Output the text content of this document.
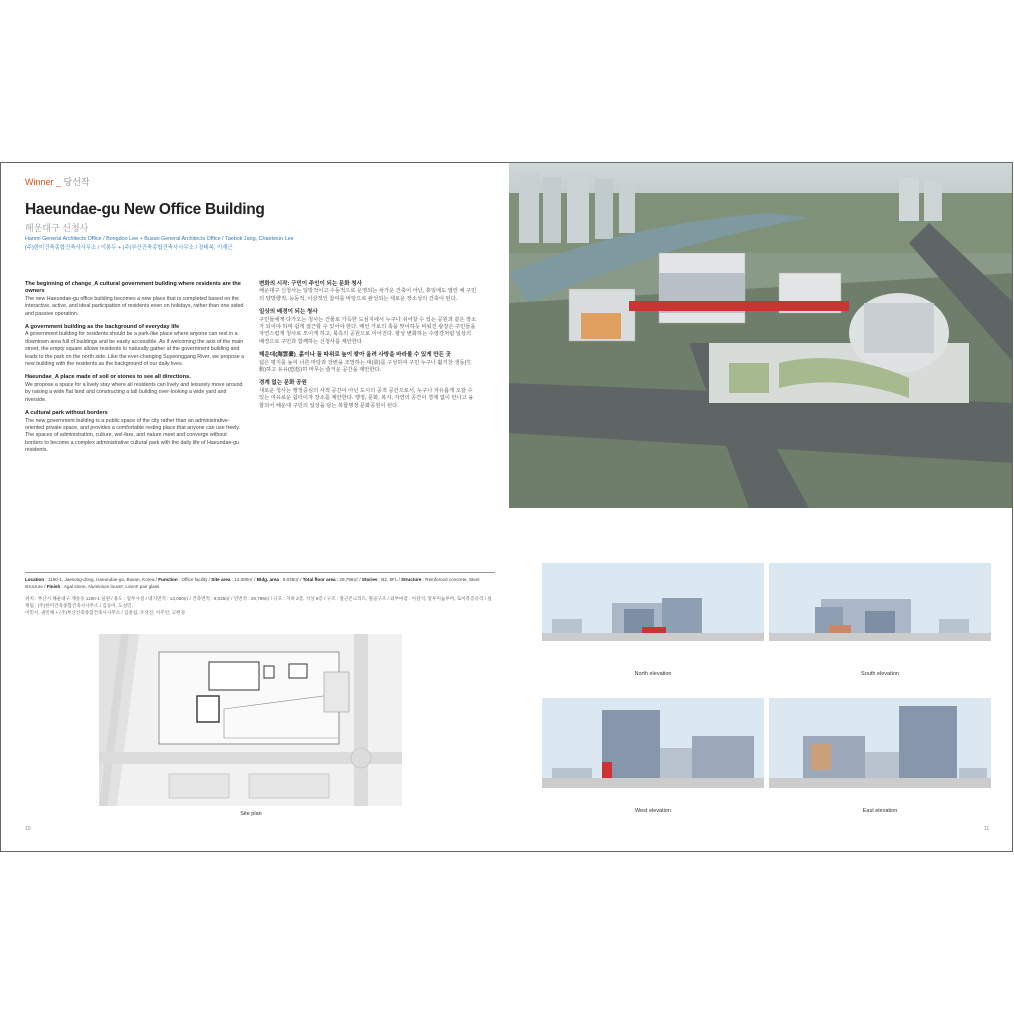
Winner _ 당선작
Haeundae-gu New Office Building
해운대구 신청사
Hanmi General Architects Office / Bongdoo Lee + Busan General Architects Office / Taebok Jang, Chaekeun Lee
(주)한미건축종합건축사사무소 / 이봉두 + (주)부산건축종합건축사사무소 / 장태복, 이재근
The beginning of change_A cultural government building where residents are the owners

The new Haeundae-gu office building becomes a new place that is completed based on the interactive, active, and ideal participation of residents even on holidays, rather than one sided and passive operation.

A government building as the background of everyday life

A government building for residents should be a park-like place where anyone can rest in a downtown area full of buildings and be easily accessible. As if welcoming the axis of the main street, the empty square allows residents to naturally gather at the government building and leads to the park on the north side. Like the ever-changing Suyeonggang River, we propose a new building with the residents as the background of our daily lives.

Haeundae_A place made of soil or stones to see all directions.

We propose a space for a lively stay where all residents can lively and leisurely move around by raising a wide flat land and constructing a tall building over-looking a wide yard and riverside.

A cultural park without borders

The new government building is a public space of the city rather than an administrative-oriented private space, and provides a comfortable resting place that anyone can use freely. The spaces of administration, culture, wel-fare, and nature meet and converge without borders to become a complex administrative cultural park with the daily life of Haeundae-gu residents.

변화의 시작: 구민이 주인이 되는 문화 청사

해운대구 신청사는 일방적이고 수동적으로 운영되는 차가운 건축이 아닌, 휴일에도 열린 채 구민의 양방향적, 능동적, 이상적인 참여를 바탕으로 완성되는 새로운 장소성의 건축이 된다.

일상의 배경이 되는 청사

구민들에게 다가오는 청사는 건물로 가득한 도심지에서 누구나 쉬어갈 수 있는 공원과 같은 장소가 되어야 하며 쉽게 접근할 수 있어야 한다. 메인 가로의 축을 맞이하듯 비워진 광장은 구민들을 자연스럽게 청사로 모이게 하고, 북측의 공원으로 이어진다. 항상 변화하는 수영강처럼 일상의 배경으로 구민과 함께하는 신청사를 제안한다.

해운대(海雲臺)_흙이나 돌 따위로 높이 쌓아 올려 사방을 바라볼 수 있게 만든 곳

넓은 평지를 높여 너른 마당과 강변을 조망하는 대(臺)를 구성하여 구민 누구나 활기찬 생동(生動)하고 유유(悠悠)히 머무는 즐거운 공간을 제안한다.

경계 없는 문화 공원

새로운 청사는 행정중심의 사적 공간이 아닌 도시의 공적 공간으로서, 누구나 자유롭게 오갈 수 있는 여유로운 쉼터이자 장소를 제안한다. 행정, 문화, 복지, 자연의 공간이 경계 없이 만나고 융합되어 해운대 구민의 일상을 담는 복합행정 문화공원이 된다.

Location : 1190-1, Jaesong-dong, Haeundae-gu, Busan, Korea / Function : Office facility / Site area : 13,080㎡ / Bldg. area : 6,035㎡ / Total floor area : 29,796㎡ / Stories : B2, 8FL / Structure : Reinforced concrete, Steel structure / Finish : Agal stone, Aluminium louver, Low-E pair glass
위치 : 부산시 해운대구 재송동 1190-1 일원 / 용도 : 업무시설 / 대지면적 : 13,080㎡ / 건축면적 : 6,035㎡ / 연면적 : 29,796㎡ / 규모 : 지하 2층, 지상 8층 / 구조 : 철근콘크리트, 철골구조 / 외부마감 : 아갈석, 알루미늄루버, 로이복층유리 / 설계팀 : (주)한미건축종합건축사사무소 / 김승미, 도성민,
이민서, 권민채 + (주)부산건축종합건축사사무소 / 김종섭, 조석진, 이주연, 고현경
Site plan
10	11
North elevation	South elevation
West elevation	East elevation
